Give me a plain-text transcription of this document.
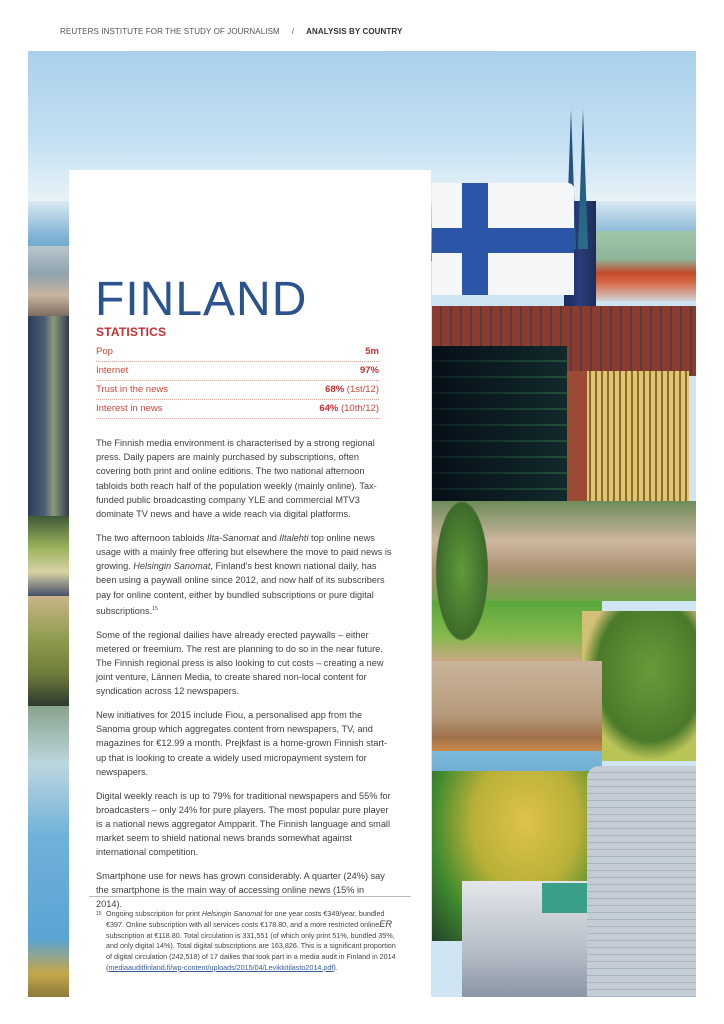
REUTERS INSTITUTE FOR THE STUDY OF JOURNALISM / ANALYSIS BY COUNTRY
FINLAND
STATISTICS
Pop	5m
Internet	97%
Trust in the news	68% (1st/12)
Interest in news	64% (10th/12)

The Finnish media environment is characterised by a strong regional press. Daily papers are mainly purchased by subscriptions, often covering both print and online editions. The two national afternoon tabloids both reach half of the population weekly (mainly online). Tax-funded public broadcasting company YLE and commercial MTV3 dominate TV news and have a wide reach via digital platforms.

The two afternoon tabloids Ilta-Sanomat and Iltalehti top online news usage with a mainly free offering but elsewhere the move to paid news is growing. Helsingin Sanomat, Finland's best known national daily, has been using a paywall online since 2012, and now half of its subscribers pay for online content, either by bundled subscriptions or pure digital subscriptions.$^{15}$

Some of the regional dailies have already erected paywalls – either metered or freemium. The rest are planning to do so in the near future. The Finnish regional press is also looking to cut costs – creating a new joint venture, Lännen Media, to create shared non-local content for syndication across 12 newspapers.

New initiatives for 2015 include Fiou, a personalised app from the Sanoma group which aggregates content from newspapers, TV, and magazines for €12.99 a month. Prejkfast is a home-grown Finnish start-up that is looking to create a widely used micropayment system for newspapers.

Digital weekly reach is up to 79% for traditional newspapers and 55% for broadcasters – only 24% for pure players. The most popular pure player is a national news aggregator Ampparit. The Finnish language and small market seem to shield national news brands somewhat against international competition.

Smartphone use for news has grown considerably. A quarter (24%) say the smartphone is the main way of accessing online news (15% in 2014).

ER
15 Ongoing subscription for print Helsingin Sanomat for one year costs €349/year, bundled €397. Online subscription with all services costs €178.80, and a more restricted online subscription at €118.80. Total circulation is 331,551 (of which only print 51%, bundled 35%, and only digital 14%). Total digital subscriptions are 163,826. This is a significant proportion of digital circulation (242,518) of 17 dailies that took part in a media audit in Finland in 2014 (mediaauditfinland.fi/wp-content/uploads/2015/04/Levikkitilasto2014.pdf).
